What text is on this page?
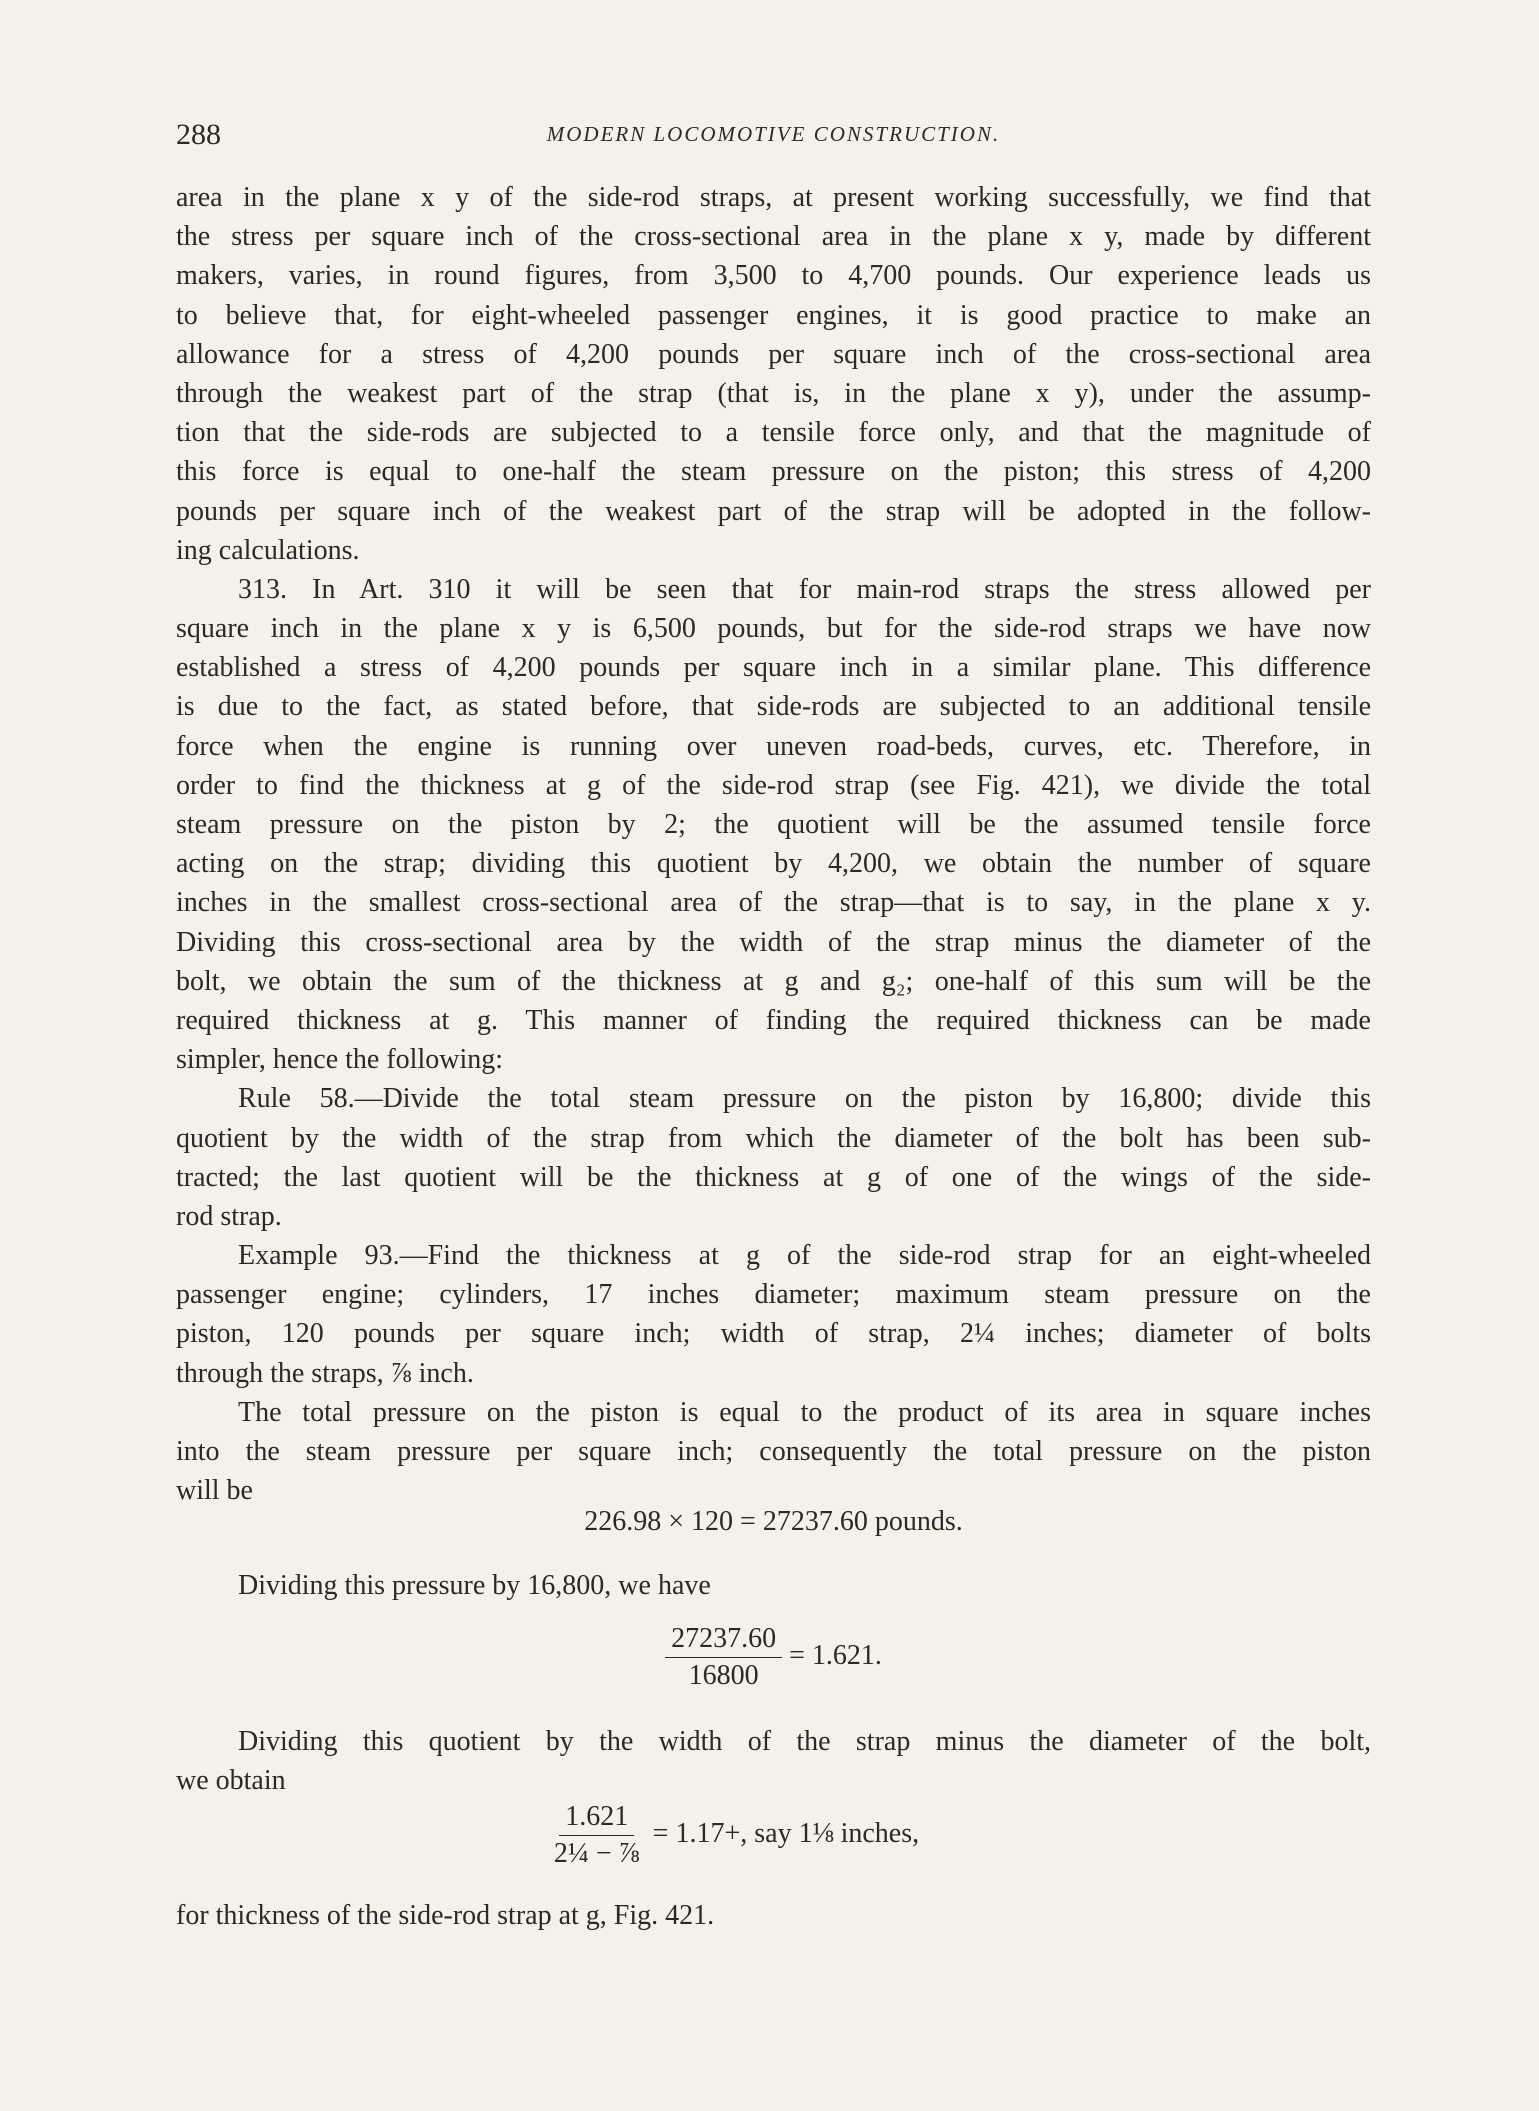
288	MODERN LOCOMOTIVE CONSTRUCTION.
area in the plane x y of the side-rod straps, at present working successfully, we find that
the stress per square inch of the cross-sectional area in the plane x y, made by different
makers, varies, in round figures, from 3,500 to 4,700 pounds. Our experience leads us
to believe that, for eight-wheeled passenger engines, it is good practice to make an
allowance for a stress of 4,200 pounds per square inch of the cross-sectional area
through the weakest part of the strap (that is, in the plane x y), under the assump-
tion that the side-rods are subjected to a tensile force only, and that the magnitude of
this force is equal to one-half the steam pressure on the piston; this stress of 4,200
pounds per square inch of the weakest part of the strap will be adopted in the follow-
ing calculations.
313. In Art. 310 it will be seen that for main-rod straps the stress allowed per
square inch in the plane x y is 6,500 pounds, but for the side-rod straps we have now
established a stress of 4,200 pounds per square inch in a similar plane. This difference
is due to the fact, as stated before, that side-rods are subjected to an additional tensile
force when the engine is running over uneven road-beds, curves, etc. Therefore, in
order to find the thickness at g of the side-rod strap (see Fig. 421), we divide the total
steam pressure on the piston by 2; the quotient will be the assumed tensile force
acting on the strap; dividing this quotient by 4,200, we obtain the number of square
inches in the smallest cross-sectional area of the strap—that is to say, in the plane x y.
Dividing this cross-sectional area by the width of the strap minus the diameter of the
bolt, we obtain the sum of the thickness at g and g₂; one-half of this sum will be the
required thickness at g. This manner of finding the required thickness can be made
simpler, hence the following:
Rule 58.—Divide the total steam pressure on the piston by 16,800; divide this
quotient by the width of the strap from which the diameter of the bolt has been sub-
tracted; the last quotient will be the thickness at g of one of the wings of the side-
rod strap.
Example 93.—Find the thickness at g of the side-rod strap for an eight-wheeled
passenger engine; cylinders, 17 inches diameter; maximum steam pressure on the
piston, 120 pounds per square inch; width of strap, 2¼ inches; diameter of bolts
through the straps, ⅞ inch.
The total pressure on the piston is equal to the product of its area in square inches
into the steam pressure per square inch; consequently the total pressure on the piston
will be
226.98 × 120 = 27237.60 pounds.
Dividing this pressure by 16,800, we have
$\frac{27237.60}{16800} = 1.621$.
Dividing this quotient by the width of the strap minus the diameter of the bolt,
we obtain
$\frac{1.621}{\text{2¼ − ⅞}} = 1.17+$, say 1⅛ inches,
for thickness of the side-rod strap at g, Fig. 421.
